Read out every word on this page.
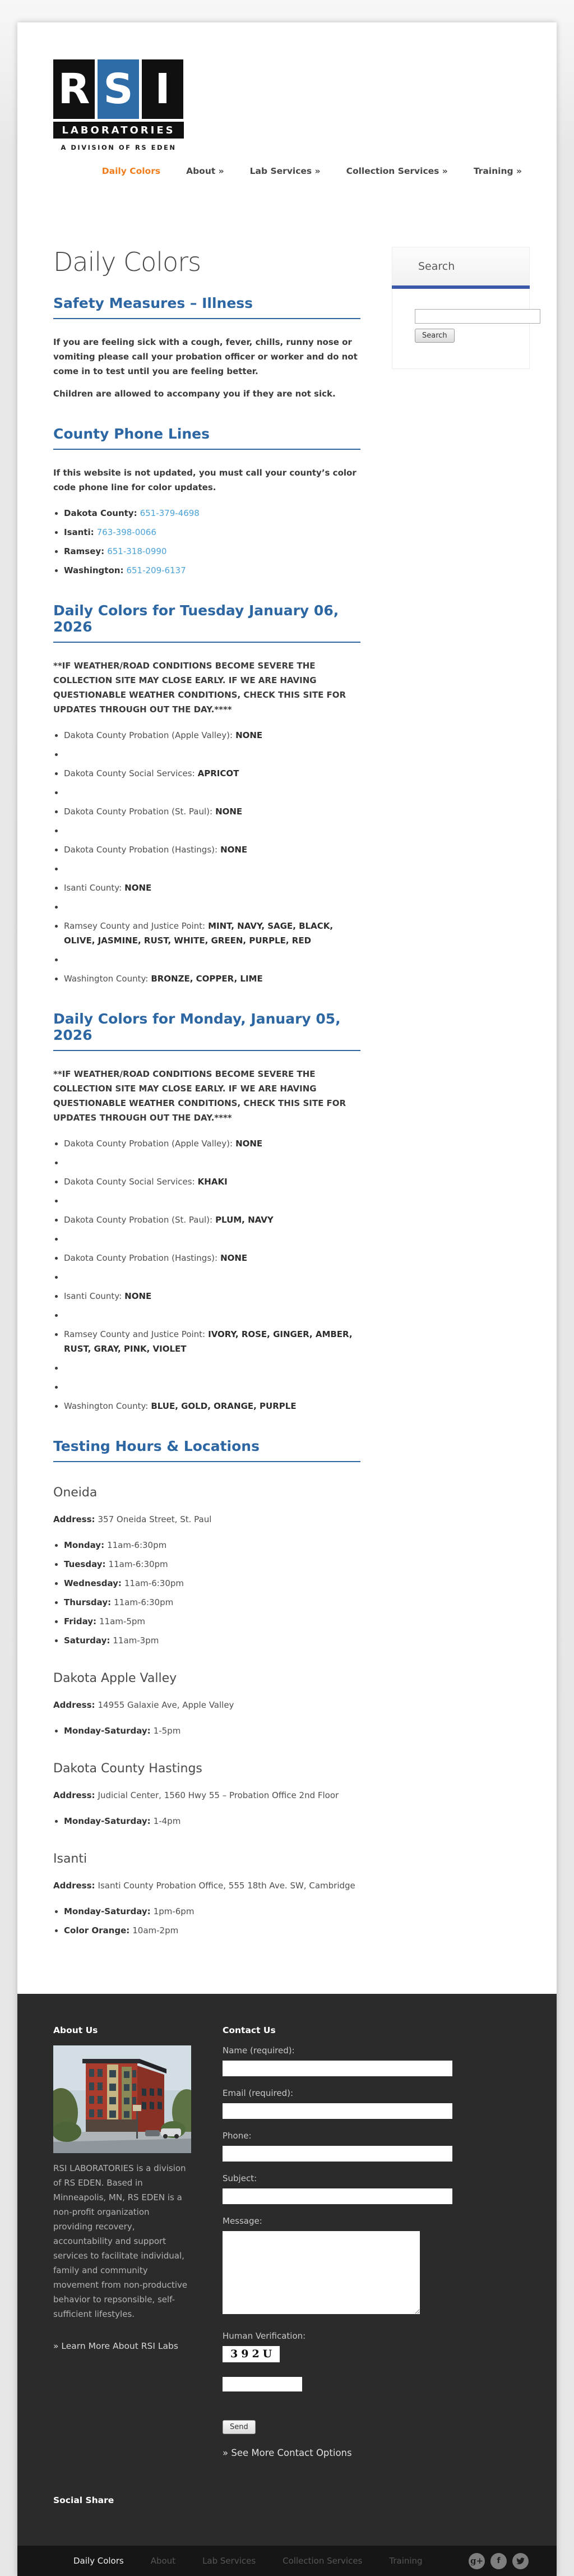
R S I
LABORATORIES
A DIVISION OF RS EDEN
Daily Colors	About »	Lab Services »	Collection Services »	Training »
Daily Colors
Safety Measures – Illness

If you are feeling sick with a cough, fever, chills, runny nose or vomiting please call your probation officer or worker and do not come in to test until you are feeling better.

Children are allowed to accompany you if they are not sick.

County Phone Lines

If this website is not updated, you must call your county’s color code phone line for color updates.

• Dakota County: 651-379-4698
• Isanti: 763-398-0066
• Ramsey: 651-318-0990
• Washington: 651-209-6137
Daily Colors for Tuesday January 06, 2026

**IF WEATHER/ROAD CONDITIONS BECOME SEVERE THE COLLECTION SITE MAY CLOSE EARLY. IF WE ARE HAVING QUESTIONABLE WEATHER CONDITIONS, CHECK THIS SITE FOR UPDATES THROUGH OUT THE DAY.****

• Dakota County Probation (Apple Valley): NONE
•
• Dakota County Social Services: APRICOT
•
• Dakota County Probation (St. Paul): NONE
•
• Dakota County Probation (Hastings): NONE
•
• Isanti County: NONE
•
• Ramsey County and Justice Point: MINT, NAVY, SAGE, BLACK, OLIVE, JASMINE, RUST, WHITE, GREEN, PURPLE, RED
•
• Washington County: BRONZE, COPPER, LIME
Daily Colors for Monday, January 05, 2026

**IF WEATHER/ROAD CONDITIONS BECOME SEVERE THE COLLECTION SITE MAY CLOSE EARLY. IF WE ARE HAVING QUESTIONABLE WEATHER CONDITIONS, CHECK THIS SITE FOR UPDATES THROUGH OUT THE DAY.****

• Dakota County Probation (Apple Valley): NONE
•
• Dakota County Social Services: KHAKI
•
• Dakota County Probation (St. Paul): PLUM, NAVY
•
• Dakota County Probation (Hastings): NONE
•
• Isanti County: NONE
•
• Ramsey County and Justice Point: IVORY, ROSE, GINGER, AMBER, RUST, GRAY, PINK, VIOLET
•
•
• Washington County: BLUE, GOLD, ORANGE, PURPLE
Testing Hours & Locations
Oneida

Address: 357 Oneida Street, St. Paul

• Monday: 11am-6:30pm
• Tuesday: 11am-6:30pm
• Wednesday: 11am-6:30pm
• Thursday: 11am-6:30pm
• Friday: 11am-5pm
• Saturday: 11am-3pm
Dakota Apple Valley

Address: 14955 Galaxie Ave, Apple Valley

• Monday-Saturday: 1-5pm
Dakota County Hastings

Address: Judicial Center, 1560 Hwy 55 – Probation Office 2nd Floor

• Monday-Saturday: 1-4pm
Isanti

Address: Isanti County Probation Office, 555 18th Ave. SW, Cambridge

• Monday-Saturday: 1pm-6pm
• Color Orange: 10am-2pm
Search
Search
About Us

RSI LABORATORIES is a division of RS EDEN. Based in Minneapolis, MN, RS EDEN is a non-profit organization providing recovery, accountability and support services to facilitate individual, family and community movement from non-productive behavior to repsonsible, self-sufficient lifestyles.

» Learn More About RSI Labs
Contact Us
Name (required):
Email (required):
Phone:
Subject:
Message:
Human Verification:
392U
Send
» See More Contact Options
Social Share
Daily Colors	About	Lab Services	Collection Services	Training	g+ f
